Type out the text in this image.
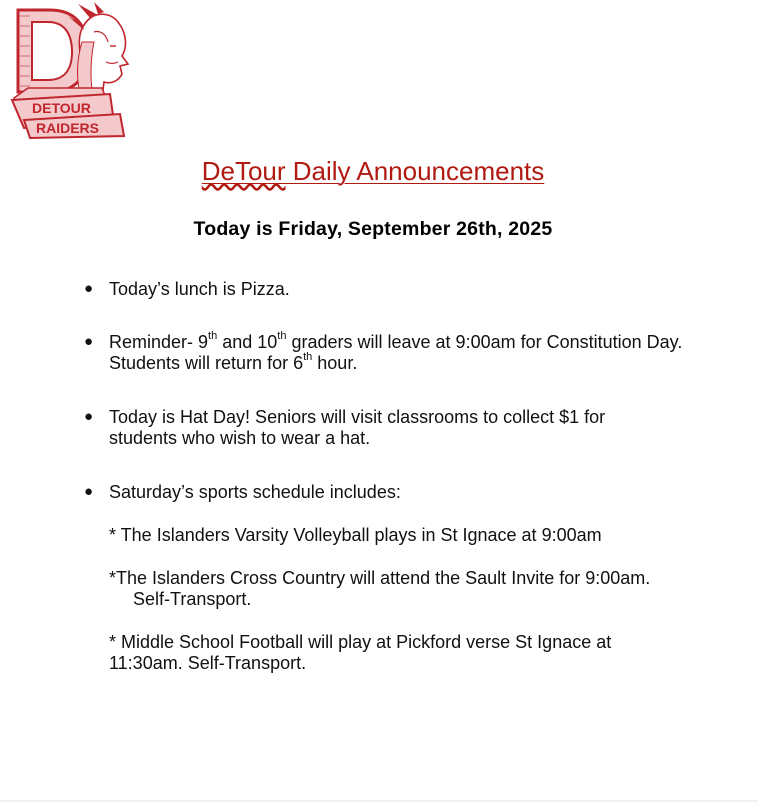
DETOUR
RAIDERS
DeTour Daily Announcements
Today is Friday, September 26th, 2025
● Today’s lunch is Pizza.
● Reminder- 9th and 10th graders will leave at 9:00am for Constitution Day. Students will return for 6th hour.
● Today is Hat Day! Seniors will visit classrooms to collect $1 for students who wish to wear a hat.
● Saturday’s sports schedule includes:
* The Islanders Varsity Volleyball plays in St Ignace at 9:00am
*The Islanders Cross Country will attend the Sault Invite for 9:00am.
Self-Transport.
* Middle School Football will play at Pickford verse St Ignace at 11:30am. Self-Transport.
